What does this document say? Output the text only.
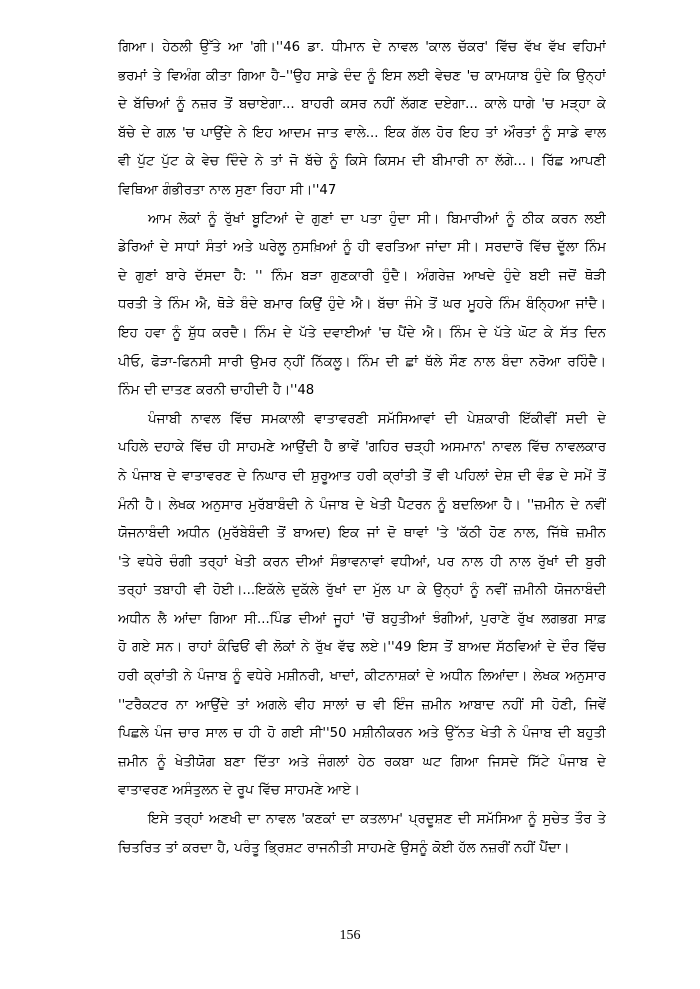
ਗਿਆ। ਹੇਠਲੀ ਉੱਤੇ ਆ 'ਗੀ।''46 ਡਾ. ਧੀਮਾਨ ਦੇ ਨਾਵਲ 'ਕਾਲ ਚੱਕਰ' ਵਿੱਚ ਵੱਖ ਵੱਖ ਵਹਿਮਾਂ
ਭਰਮਾਂ ਤੇ ਵਿਅੰਗ ਕੀਤਾ ਗਿਆ ਹੈ–''ਉਹ ਸਾਡੇ ਦੰਦ ਨੂੰ ਇਸ ਲਈ ਵੇਚਣ 'ਚ ਕਾਮਯਾਬ ਹੁੰਦੇ ਕਿ ਉਨ੍ਹਾਂ
ਦੇ ਬੱਚਿਆਂ ਨੂੰ ਨਜ਼ਰ ਤੋਂ ਬਚਾਏਗਾ... ਬਾਹਰੀ ਕਸਰ ਨਹੀਂ ਲੱਗਣ ਦਏਗਾ... ਕਾਲੇ ਧਾਗੇ 'ਚ ਮੜ੍ਹਾ ਕੇ
ਬੱਚੇ ਦੇ ਗਲ਼ 'ਚ ਪਾਉਂਦੇ ਨੇ ਇਹ ਆਦਮ ਜਾਤ ਵਾਲੇ... ਇਕ ਗੱਲ ਹੋਰ ਇਹ ਤਾਂ ਔਰਤਾਂ ਨੂੰ ਸਾਡੇ ਵਾਲ
ਵੀ ਪੁੱਟ ਪੁੱਟ ਕੇ ਵੇਚ ਦਿੰਦੇ ਨੇ ਤਾਂ ਜੋ ਬੱਚੇ ਨੂੰ ਕਿਸੇ ਕਿਸਮ ਦੀ ਬੀਮਾਰੀ ਨਾ ਲੱਗੇ...। ਰਿੱਛ ਆਪਣੀ
ਵਿਥਿਆ ਗੰਭੀਰਤਾ ਨਾਲ ਸੁਣਾ ਰਿਹਾ ਸੀ।''47
ਆਮ ਲੋਕਾਂ ਨੂੰ ਰੁੱਖਾਂ ਬੂਟਿਆਂ ਦੇ ਗੁਣਾਂ ਦਾ ਪਤਾ ਹੁੰਦਾ ਸੀ। ਬਿਮਾਰੀਆਂ ਨੂੰ ਠੀਕ ਕਰਨ ਲਈ
ਡੇਰਿਆਂ ਦੇ ਸਾਧਾਂ ਸੰਤਾਂ ਅਤੇ ਘਰੇਲੂ ਨੁਸਖ਼ਿਆਂ ਨੂੰ ਹੀ ਵਰਤਿਆ ਜਾਂਦਾ ਸੀ। ਸਰਦਾਰੋ ਵਿੱਚ ਦੂੱਲਾ ਨਿੰਮ
ਦੇ ਗੁਣਾਂ ਬਾਰੇ ਦੱਸਦਾ ਹੈ: '' ਨਿੰਮ ਬੜਾ ਗੁਣਕਾਰੀ ਹੁੰਦੈ। ਅੰਗਰੇਜ਼ ਆਖਦੇ ਹੁੰਦੇ ਬਈ ਜਦੋਂ ਥੋੜੀ
ਧਰਤੀ ਤੇ ਨਿੰਮ ਐ, ਥੋੜੇ ਬੰਦੇ ਬਮਾਰ ਕਿਉਂ ਹੁੰਦੇ ਐ। ਬੱਚਾ ਜੰਮੇ ਤੋਂ ਘਰ ਮੂਹਰੇ ਨਿੰਮ ਬੰਨ੍ਹਿਆ ਜਾਂਦੈ।
ਇਹ ਹਵਾ ਨੂੰ ਸ਼ੁੱਧ ਕਰਦੈ। ਨਿੰਮ ਦੇ ਪੱਤੇ ਦਵਾਈਆਂ 'ਚ ਪੈਂਦੇ ਐ। ਨਿੰਮ ਦੇ ਪੱਤੇ ਘੋਟ ਕੇ ਸੱਤ ਦਿਨ
ਪੀਓ, ਫੋੜਾ-ਫਿਨਸੀ ਸਾਰੀ ਉਮਰ ਨ੍ਹੀਂ ਨਿੱਕਲੂ। ਨਿੰਮ ਦੀ ਛਾਂ ਥੱਲੇ ਸੌਣ ਨਾਲ ਬੰਦਾ ਨਰੋਆ ਰਹਿੰਦੈ।
ਨਿੰਮ ਦੀ ਦਾਤਣ ਕਰਨੀ ਚਾਹੀਦੀ ਹੈ।''48
ਪੰਜਾਬੀ ਨਾਵਲ ਵਿੱਚ ਸਮਕਾਲੀ ਵਾਤਾਵਰਣੀ ਸਮੱਸਿਆਵਾਂ ਦੀ ਪੇਸ਼ਕਾਰੀ ਇੱਕੀਵੀਂ ਸਦੀ ਦੇ
ਪਹਿਲੇ ਦਹਾਕੇ ਵਿੱਚ ਹੀ ਸਾਹਮਣੇ ਆਉਂਦੀ ਹੈ ਭਾਵੇਂ 'ਗਹਿਰ ਚੜ੍ਹੀ ਅਸਮਾਨ' ਨਾਵਲ ਵਿੱਚ ਨਾਵਲਕਾਰ
ਨੇ ਪੰਜਾਬ ਦੇ ਵਾਤਾਵਰਣ ਦੇ ਨਿਘਾਰ ਦੀ ਸ਼ੁਰੂਆਤ ਹਰੀ ਕ੍ਰਾਂਤੀ ਤੋਂ ਵੀ ਪਹਿਲਾਂ ਦੇਸ਼ ਦੀ ਵੰਡ ਦੇ ਸਮੇਂ ਤੋਂ
ਮੰਨੀ ਹੈ। ਲੇਖਕ ਅਨੁਸਾਰ ਮੁਰੱਬਾਬੰਦੀ ਨੇ ਪੰਜਾਬ ਦੇ ਖੇਤੀ ਪੈਟਰਨ ਨੂੰ ਬਦਲਿਆ ਹੈ। ''ਜ਼ਮੀਨ ਦੇ ਨਵੀਂ
ਯੋਜਨਾਬੰਦੀ ਅਧੀਨ (ਮੁਰੱਬੇਬੰਦੀ ਤੋਂ ਬਾਅਦ) ਇਕ ਜਾਂ ਦੋ ਥਾਵਾਂ 'ਤੇ 'ਕੱਠੀ ਹੋਣ ਨਾਲ, ਜਿੱਥੇ ਜ਼ਮੀਨ
'ਤੇ ਵਧੇਰੇ ਚੰਗੀ ਤਰ੍ਹਾਂ ਖੇਤੀ ਕਰਨ ਦੀਆਂ ਸੰਭਾਵਨਾਵਾਂ ਵਧੀਆਂ, ਪਰ ਨਾਲ ਹੀ ਨਾਲ ਰੁੱਖਾਂ ਦੀ ਬੁਰੀ
ਤਰ੍ਹਾਂ ਤਬਾਹੀ ਵੀ ਹੋਈ।...ਇਕੱਲੇ ਦੁਕੱਲੇ ਰੁੱਖਾਂ ਦਾ ਮੁੱਲ ਪਾ ਕੇ ਉਨ੍ਹਾਂ ਨੂੰ ਨਵੀਂ ਜ਼ਮੀਨੀ ਯੋਜਨਾਬੰਦੀ
ਅਧੀਨ ਲੈ ਆਂਦਾ ਗਿਆ ਸੀ...ਪਿੰਡ ਦੀਆਂ ਜੂਹਾਂ 'ਚੋਂ ਬਹੁਤੀਆਂ ਝੰਗੀਆਂ, ਪੁਰਾਣੇ ਰੁੱਖ ਲਗਭਗ ਸਾਫ਼
ਹੋ ਗਏ ਸਨ। ਰਾਹਾਂ ਕੰਢਿਓਂ ਵੀ ਲੋਕਾਂ ਨੇ ਰੁੱਖ ਵੱਢ ਲਏ।''49 ਇਸ ਤੋਂ ਬਾਅਦ ਸੱਠਵਿਆਂ ਦੇ ਦੌਰ ਵਿੱਚ
ਹਰੀ ਕ੍ਰਾਂਤੀ ਨੇ ਪੰਜਾਬ ਨੂੰ ਵਧੇਰੇ ਮਸ਼ੀਨਰੀ, ਖਾਦਾਂ, ਕੀਟਨਾਸ਼ਕਾਂ ਦੇ ਅਧੀਨ ਲਿਆਂਦਾ। ਲੇਖਕ ਅਨੁਸਾਰ
''ਟਰੈਕਟਰ ਨਾ ਆਉਂਦੇ ਤਾਂ ਅਗਲੇ ਵੀਹ ਸਾਲਾਂ ਚ ਵੀ ਇੰਜ ਜ਼ਮੀਨ ਆਬਾਦ ਨਹੀਂ ਸੀ ਹੋਣੀ, ਜਿਵੇਂ
ਪਿਛਲੇ ਪੰਜ ਚਾਰ ਸਾਲ ਚ ਹੀ ਹੋ ਗਈ ਸੀ''50 ਮਸ਼ੀਨੀਕਰਨ ਅਤੇ ਉੱਨਤ ਖੇਤੀ ਨੇ ਪੰਜਾਬ ਦੀ ਬਹੁਤੀ
ਜ਼ਮੀਨ ਨੂੰ ਖੇਤੀਯੋਗ ਬਣਾ ਦਿੱਤਾ ਅਤੇ ਜੰਗਲਾਂ ਹੇਠ ਰਕਬਾ ਘਟ ਗਿਆ ਜਿਸਦੇ ਸਿੱਟੇ ਪੰਜਾਬ ਦੇ
ਵਾਤਾਵਰਣ ਅਸੰਤੁਲਨ ਦੇ ਰੂਪ ਵਿੱਚ ਸਾਹਮਣੇ ਆਏ।
ਇਸੇ ਤਰ੍ਹਾਂ ਅਣਖੀ ਦਾ ਨਾਵਲ 'ਕਣਕਾਂ ਦਾ ਕਤਲਾਮ' ਪ੍ਰਦੂਸ਼ਣ ਦੀ ਸਮੱਸਿਆ ਨੂੰ ਸੁਚੇਤ ਤੌਰ ਤੇ
ਚਿਤਰਿਤ ਤਾਂ ਕਰਦਾ ਹੈ, ਪਰੰਤੂ ਭ੍ਰਿਸ਼ਟ ਰਾਜਨੀਤੀ ਸਾਹਮਣੇ ਉਸਨੂੰ ਕੋਈ ਹੱਲ ਨਜ਼ਰੀਂ ਨਹੀਂ ਪੈਂਦਾ।
156
